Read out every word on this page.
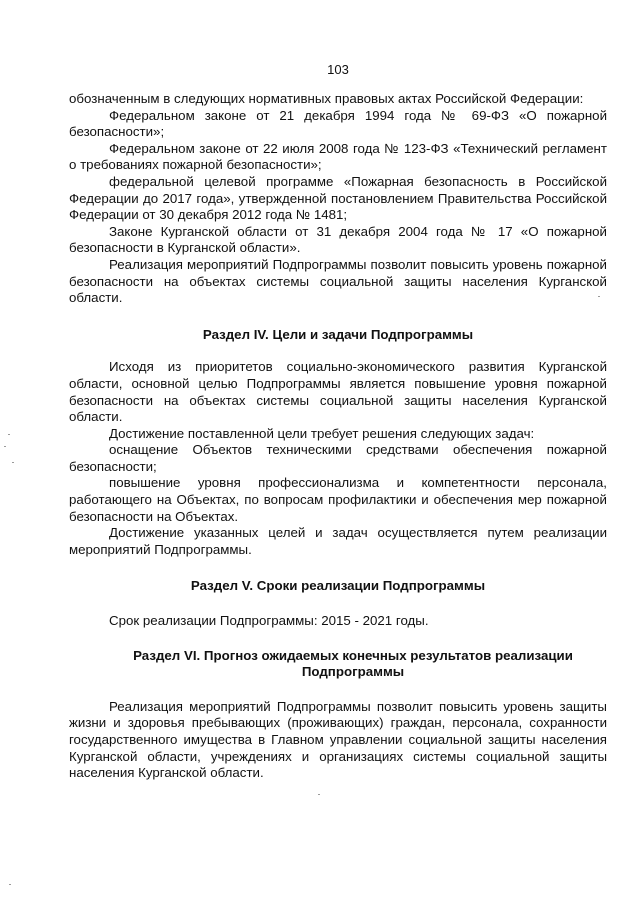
103

обозначенным в следующих нормативных правовых актах Российской Федерации:

Федеральном законе от 21 декабря 1994 года № 69-ФЗ «О пожарной безопасности»;

Федеральном законе от 22 июля 2008 года № 123-ФЗ «Технический регламент о требованиях пожарной безопасности»;

федеральной целевой программе «Пожарная безопасность в Российской Федерации до 2017 года», утвержденной постановлением Правительства Российской Федерации от 30 декабря 2012 года № 1481;

Законе Курганской области от 31 декабря 2004 года № 17 «О пожарной безопасности в Курганской области».

Реализация мероприятий Подпрограммы позволит повысить уровень пожарной безопасности на объектах системы социальной защиты населения Курганской области.

Раздел IV. Цели и задачи Подпрограммы

Исходя из приоритетов социально-экономического развития Курганской области, основной целью Подпрограммы является повышение уровня пожарной безопасности на объектах системы социальной защиты населения Курганской области.

Достижение поставленной цели требует решения следующих задач:

оснащение Объектов техническими средствами обеспечения пожарной безопасности;

повышение уровня профессионализма и компетентности персонала, работающего на Объектах, по вопросам профилактики и обеспечения мер пожарной безопасности на Объектах.

Достижение указанных целей и задач осуществляется путем реализации мероприятий Подпрограммы.

Раздел V. Сроки реализации Подпрограммы

Срок реализации Подпрограммы: 2015 - 2021 годы.

Раздел VI. Прогноз ожидаемых конечных результатов реализации Подпрограммы

Реализация мероприятий Подпрограммы позволит повысить уровень защиты жизни и здоровья пребывающих (проживающих) граждан, персонала, сохранности государственного имущества в Главном управлении социальной защиты населения Курганской области, учреждениях и организациях системы социальной защиты населения Курганской области.
